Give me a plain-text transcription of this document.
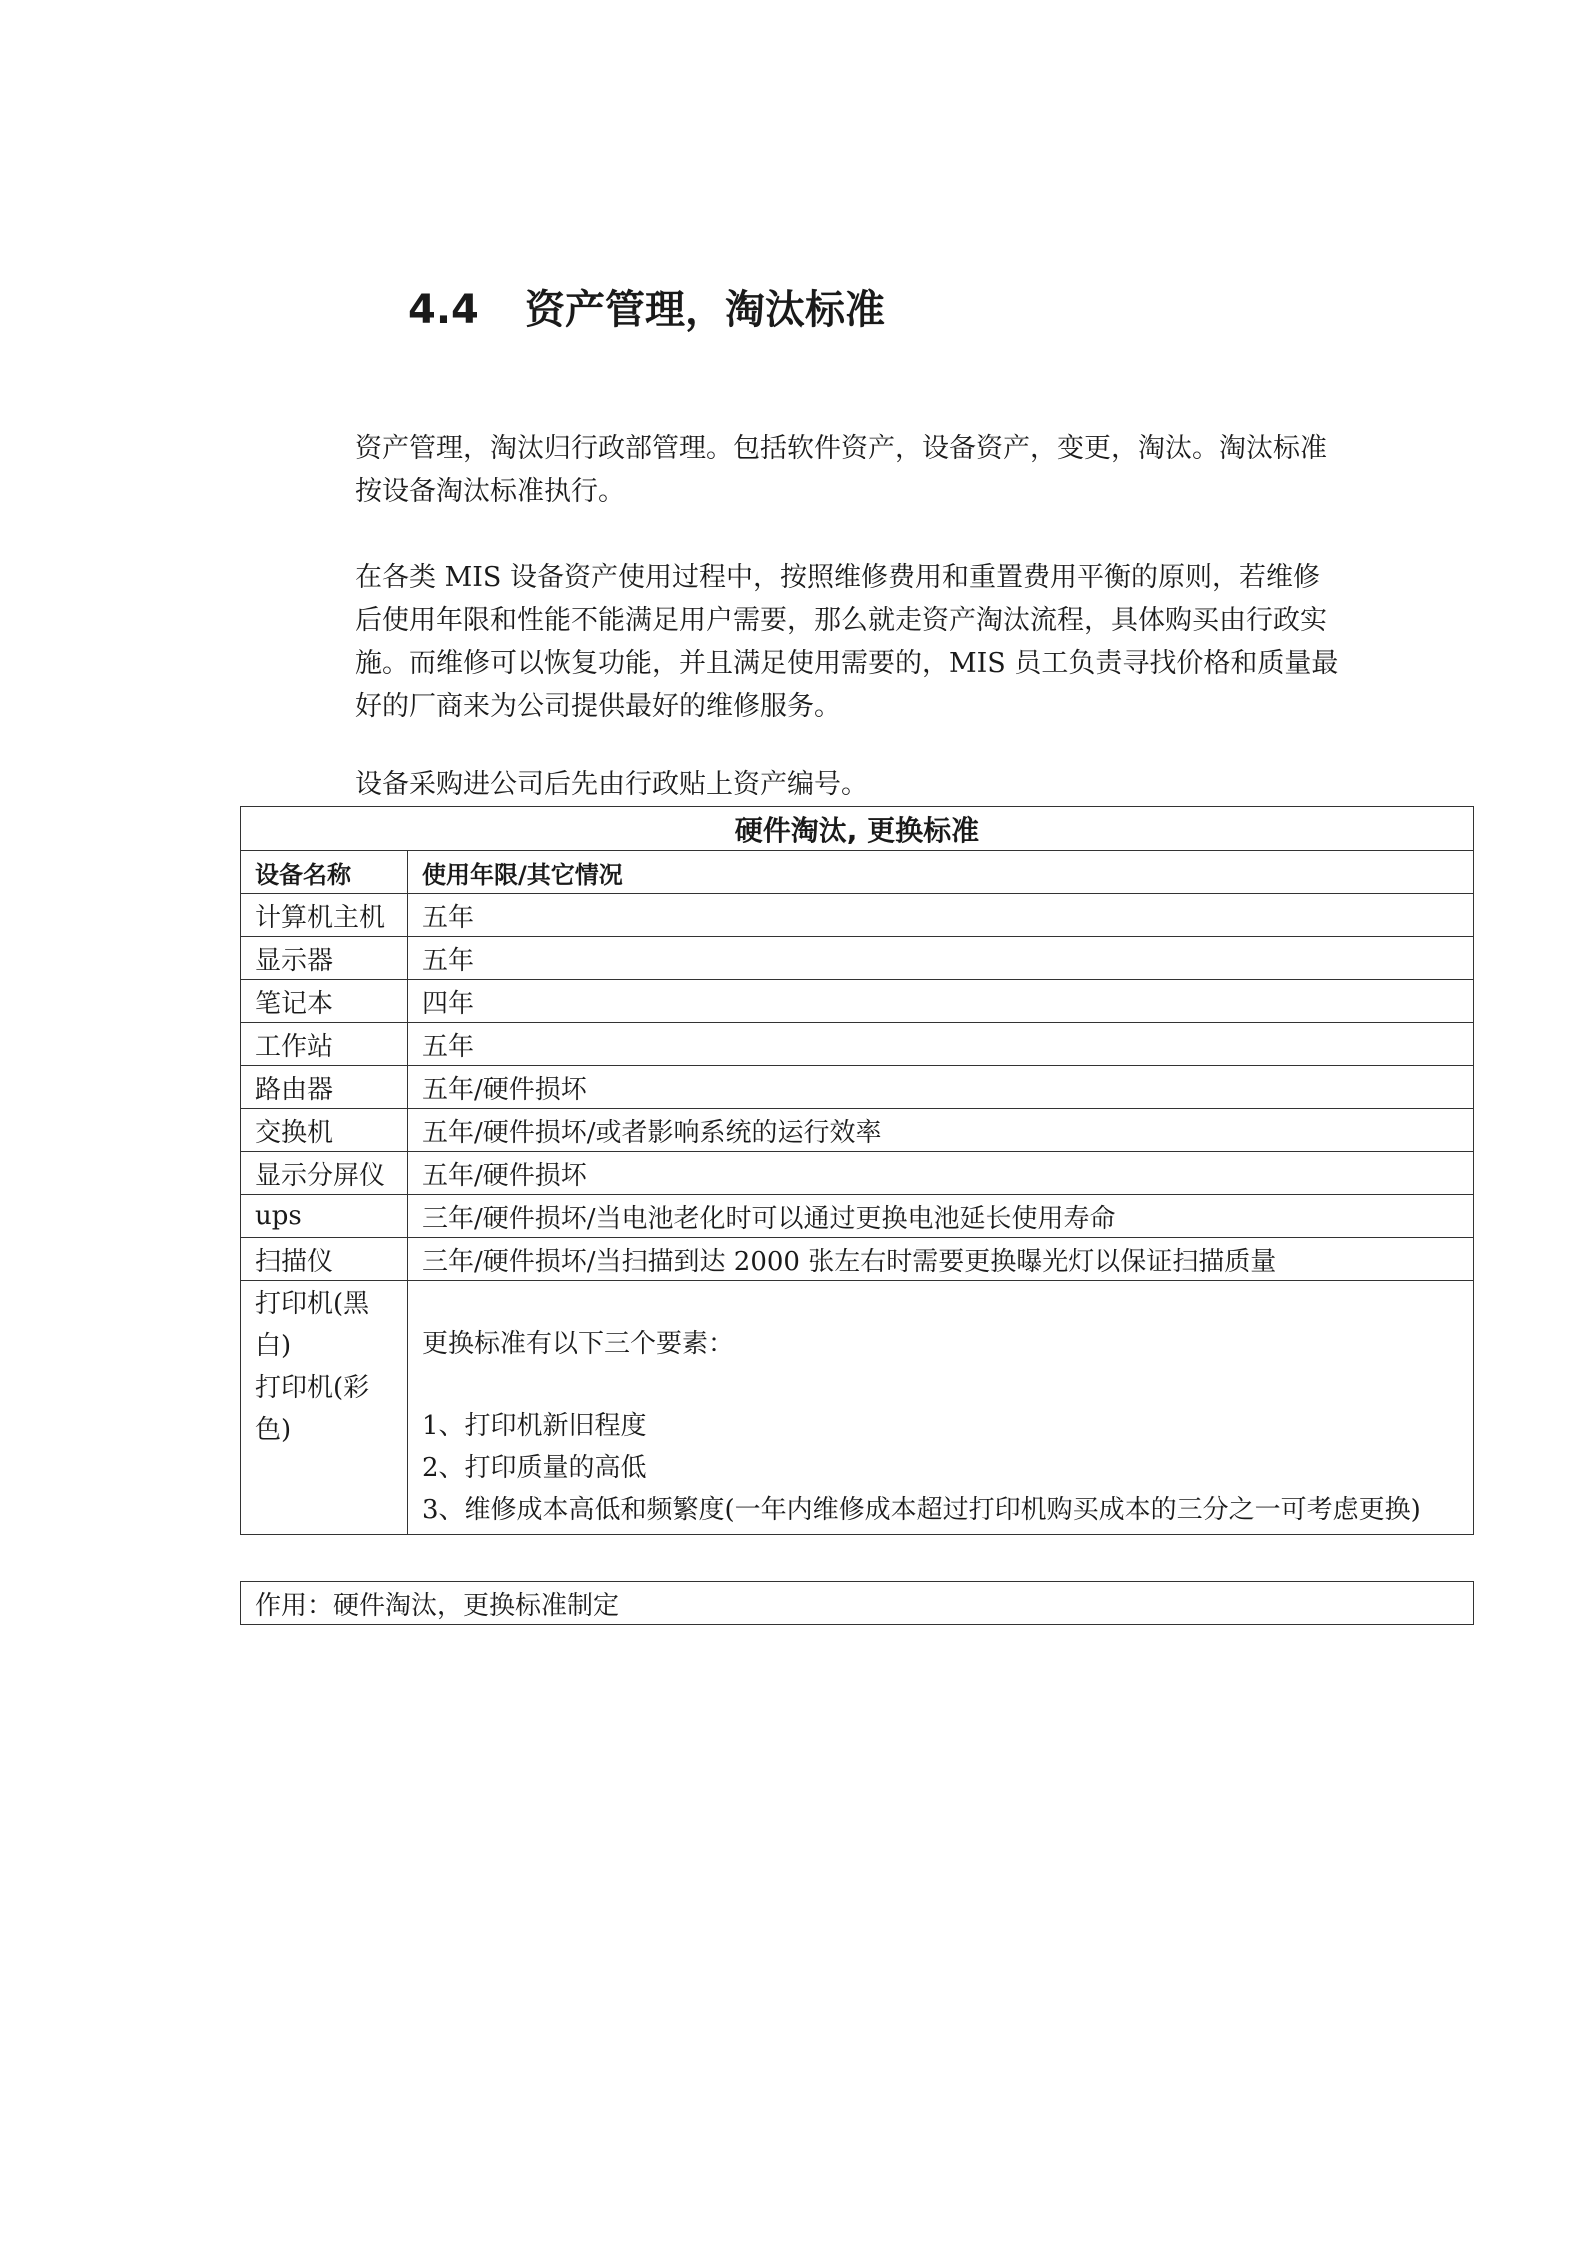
4.4 资产管理，淘汰标准

资产管理，淘汰归行政部管理。包括软件资产，设备资产，变更，淘汰。淘汰标准
按设备淘汰标准执行。

在各类 MIS 设备资产使用过程中，按照维修费用和重置费用平衡的原则，若维修
后使用年限和性能不能满足用户需要，那么就走资产淘汰流程，具体购买由行政实
施。而维修可以恢复功能，并且满足使用需要的，MIS 员工负责寻找价格和质量最
好的厂商来为公司提供最好的维修服务。

设备采购进公司后先由行政贴上资产编号。

硬件淘汰, 更换标准	
设备名称	使用年限/其它情况
计算机主机	五年
显示器	五年
笔记本	四年
工作站	五年
路由器	五年/硬件损坏
交换机	五年/硬件损坏/或者影响系统的运行效率
显示分屏仪	五年/硬件损坏
ups	三年/硬件损坏/当电池老化时可以通过更换电池延长使用寿命
扫描仪	三年/硬件损坏/当扫描到达 2000 张左右时需要更换曝光灯以保证扫描质量

打印机(黑
白)
打印机(彩
色)	更换标准有以下三个要素：
1、打印机新旧程度
2、打印质量的高低
3、维修成本高低和频繁度(一年内维修成本超过打印机购买成本的三分之一可考虑更换)
作用：硬件淘汰，更换标准制定
